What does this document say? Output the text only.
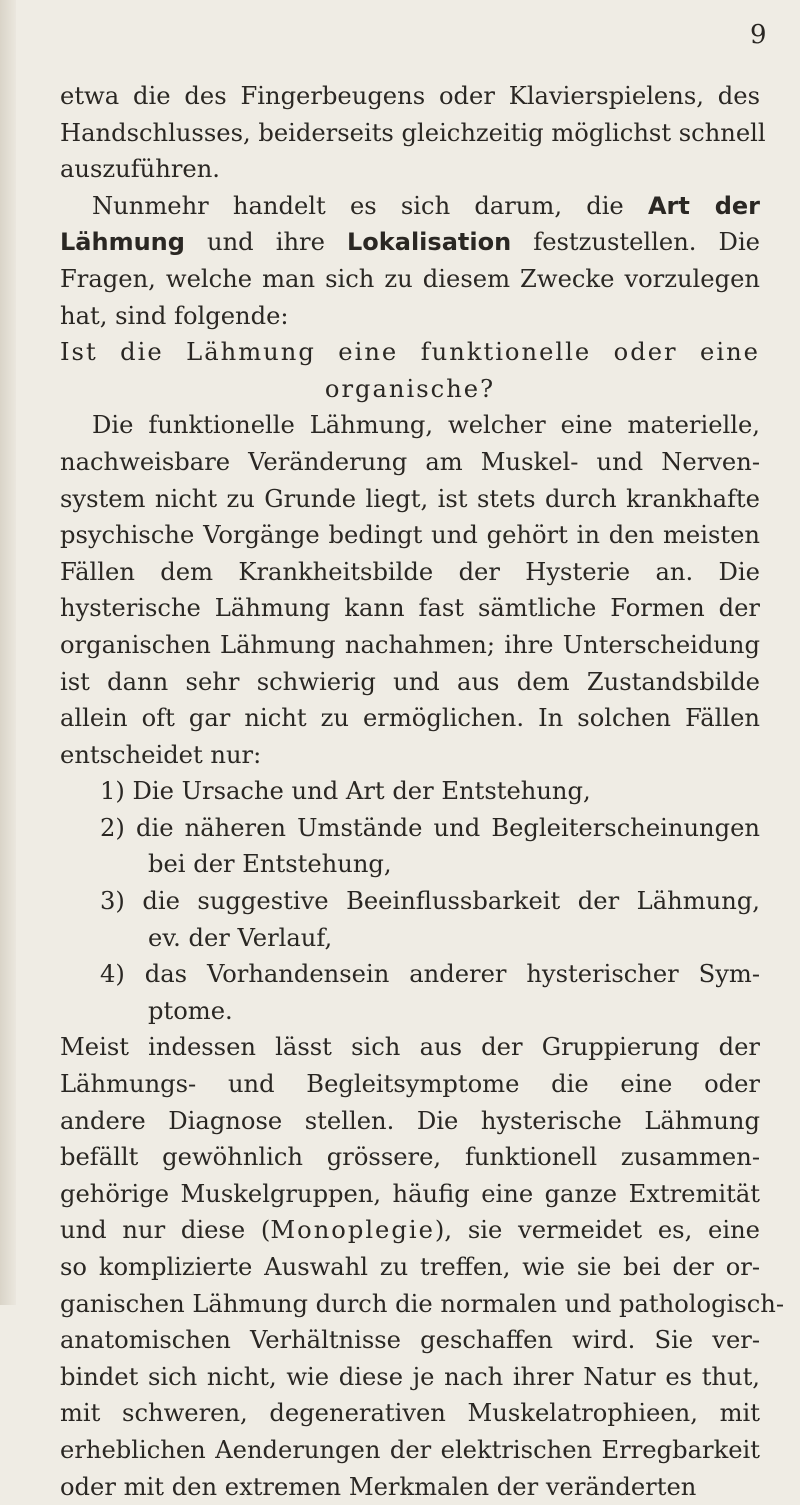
9

etwa die des Fingerbeugens oder Klavierspielens, des
Handschlusses, beiderseits gleichzeitig möglichst schnell
auszuführen.

Nunmehr handelt es sich darum, die Art der
Lähmung und ihre Lokalisation festzustellen. Die
Fragen, welche man sich zu diesem Zwecke vorzulegen
hat, sind folgende:

Ist die Lähmung eine funktionelle oder eine
organische?

Die funktionelle Lähmung, welcher eine materielle,
nachweisbare Veränderung am Muskel- und Nerven-
system nicht zu Grunde liegt, ist stets durch krankhafte
psychische Vorgänge bedingt und gehört in den meisten
Fällen dem Krankheitsbilde der Hysterie an. Die
hysterische Lähmung kann fast sämtliche Formen der
organischen Lähmung nachahmen; ihre Unterscheidung
ist dann sehr schwierig und aus dem Zustandsbilde
allein oft gar nicht zu ermöglichen. In solchen Fällen
entscheidet nur:

1) Die Ursache und Art der Entstehung,
2) die näheren Umstände und Begleiterscheinungen
bei der Entstehung,
3) die suggestive Beeinflussbarkeit der Lähmung,
ev. der Verlauf,
4) das Vorhandensein anderer hysterischer Sym-
ptome.

Meist indessen lässt sich aus der Gruppierung der
Lähmungs- und Begleitsymptome die eine oder
andere Diagnose stellen. Die hysterische Lähmung
befällt gewöhnlich grössere, funktionell zusammen-
gehörige Muskelgruppen, häufig eine ganze Extremität
und nur diese (Monoplegie), sie vermeidet es, eine
so komplizierte Auswahl zu treffen, wie sie bei der or-
ganischen Lähmung durch die normalen und pathologisch-
anatomischen Verhältnisse geschaffen wird. Sie ver-
bindet sich nicht, wie diese je nach ihrer Natur es thut,
mit schweren, degenerativen Muskelatrophieen, mit
erheblichen Aenderungen der elektrischen Erregbarkeit
oder mit den extremen Merkmalen der veränderten
